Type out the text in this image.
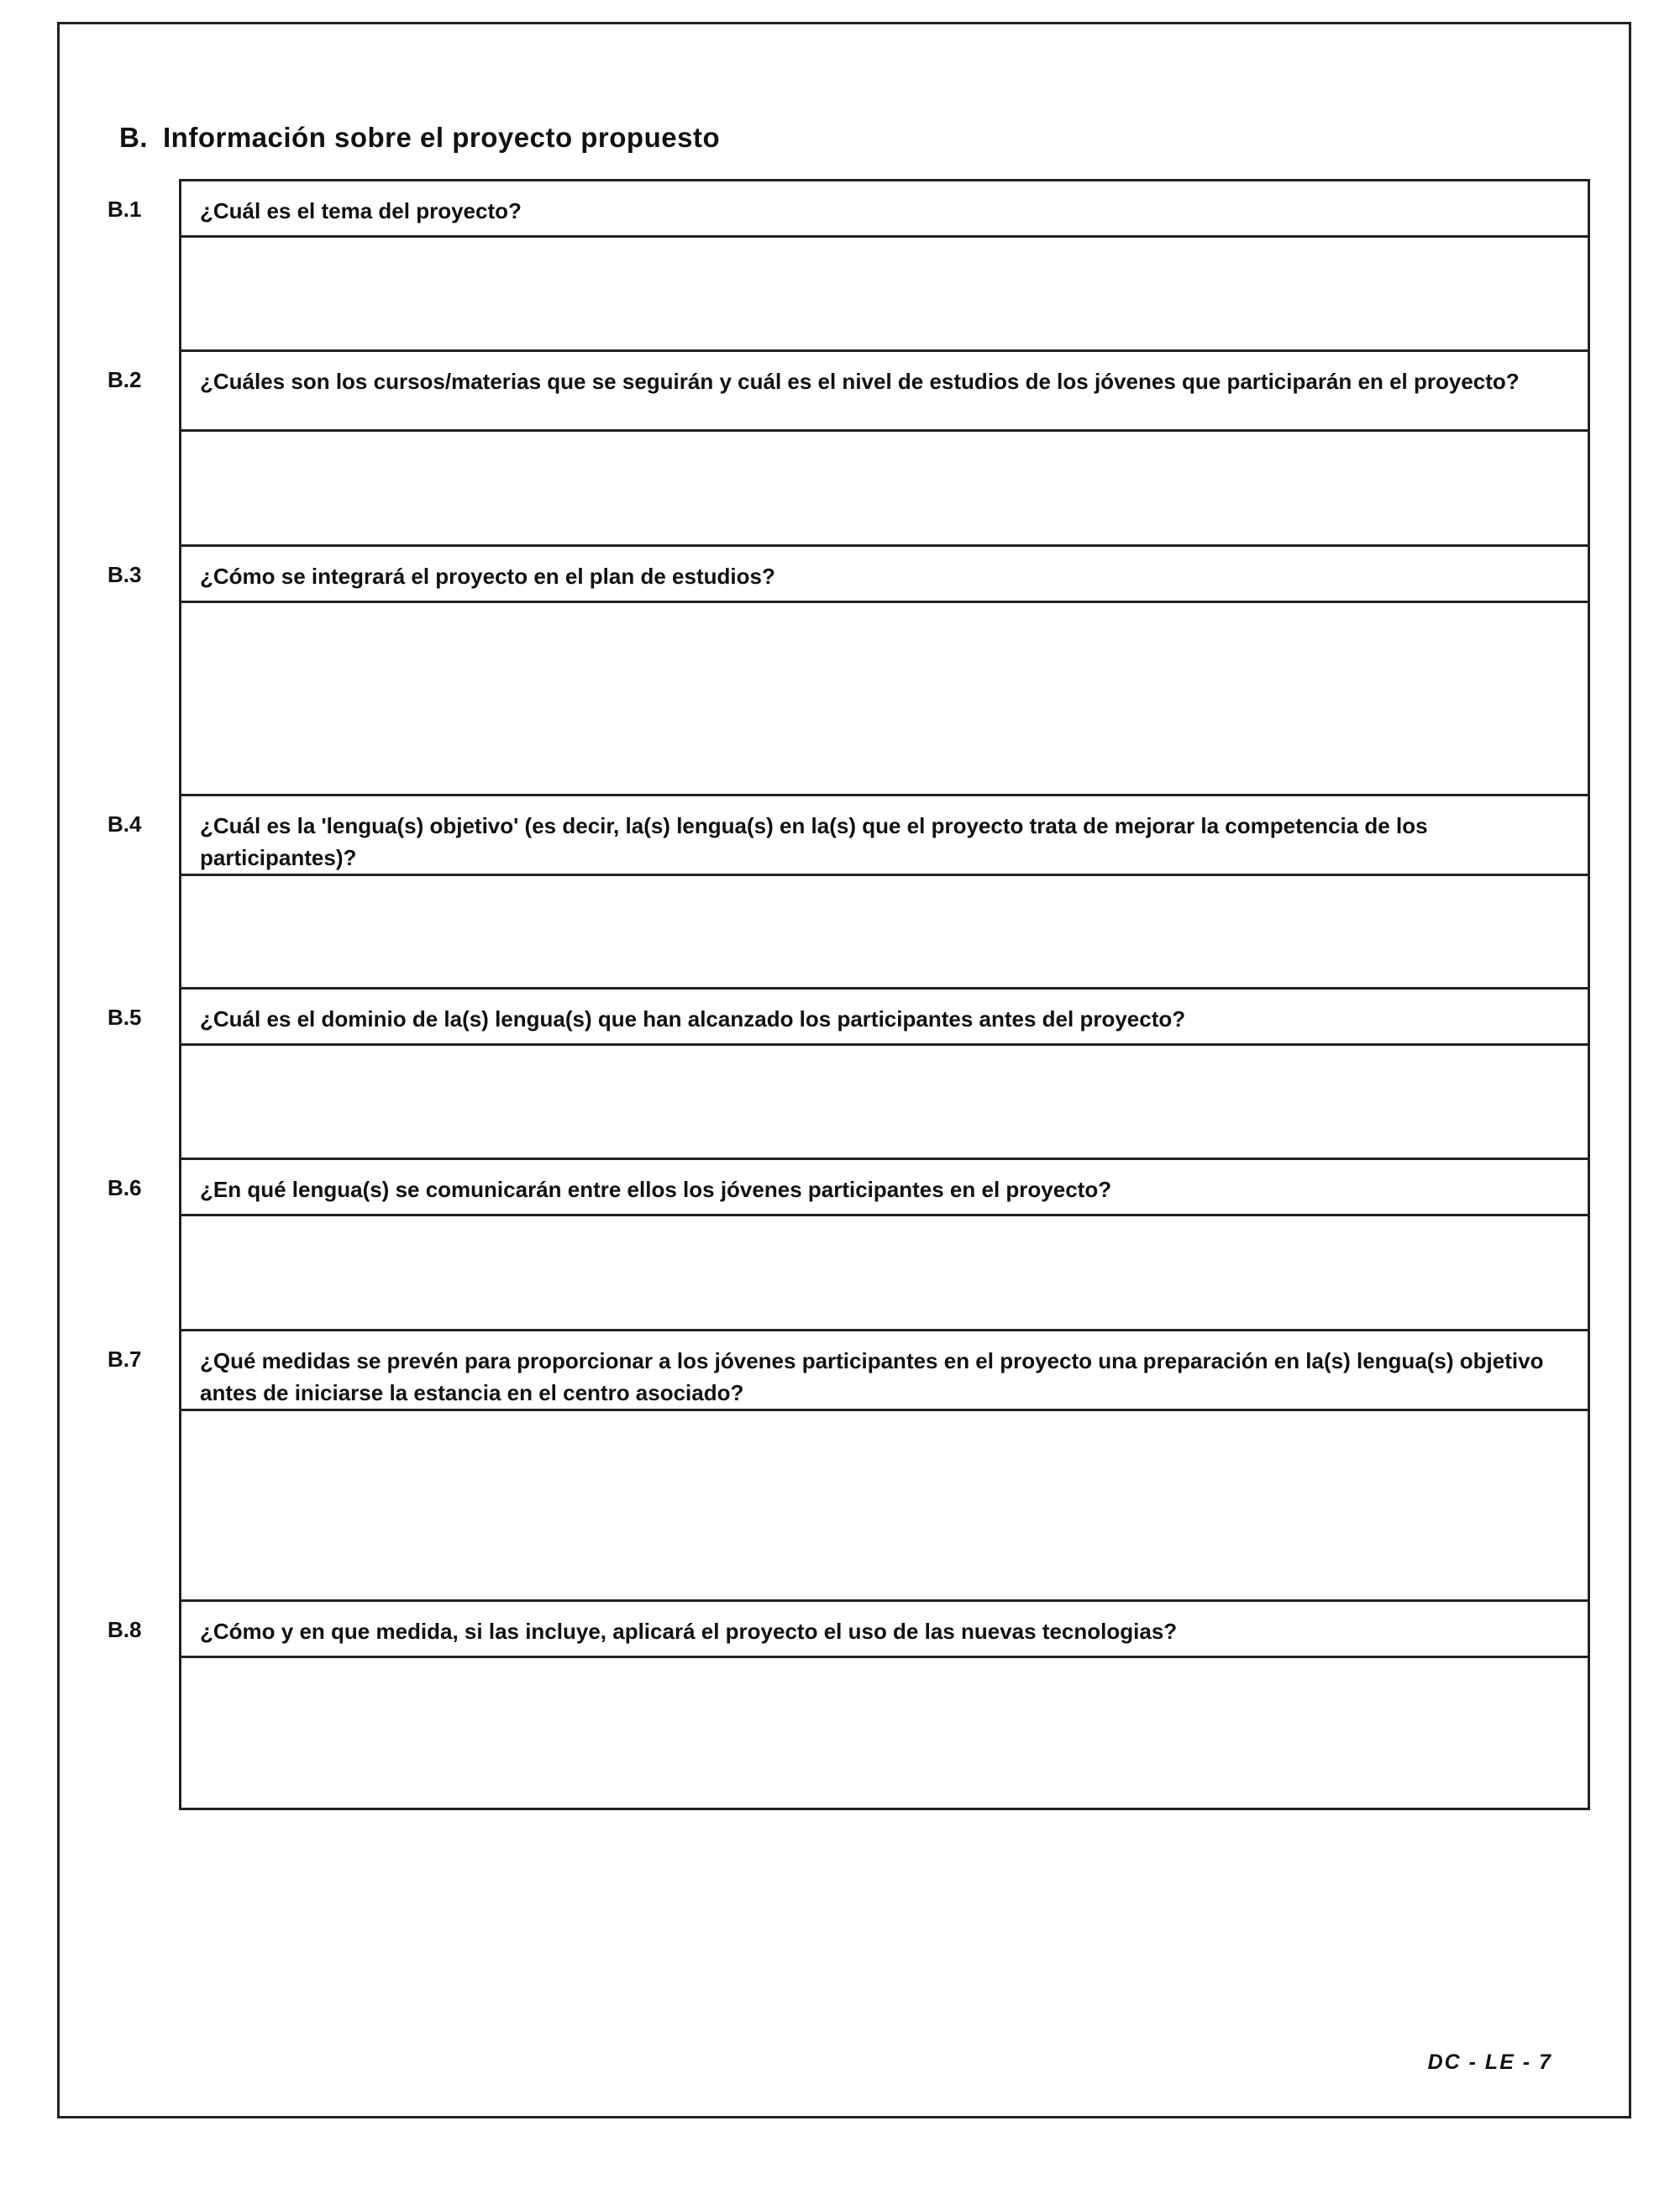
B. Información sobre el proyecto propuesto
B.1	¿Cuál es el tema del proyecto?
B.2	¿Cuáles son los cursos/materias que se seguirán y cuál es el nivel de estudios de los jóvenes que participarán en el proyecto?
B.3	¿Cómo se integrará el proyecto en el plan de estudios?
B.4	¿Cuál es la 'lengua(s) objetivo' (es decir, la(s) lengua(s) en la(s) que el proyecto trata de mejorar la competencia de los participantes)?
B.5	¿Cuál es el dominio de la(s) lengua(s) que han alcanzado los participantes antes del proyecto?
B.6	¿En qué lengua(s) se comunicarán entre ellos los jóvenes participantes en el proyecto?
B.7	¿Qué medidas se prevén para proporcionar a los jóvenes participantes en el proyecto una preparación en la(s) lengua(s) objetivo antes de iniciarse la estancia en el centro asociado?
B.8	¿Cómo y en que medida, si las incluye, aplicará el proyecto el uso de las nuevas tecnologias?
DC - LE - 7
